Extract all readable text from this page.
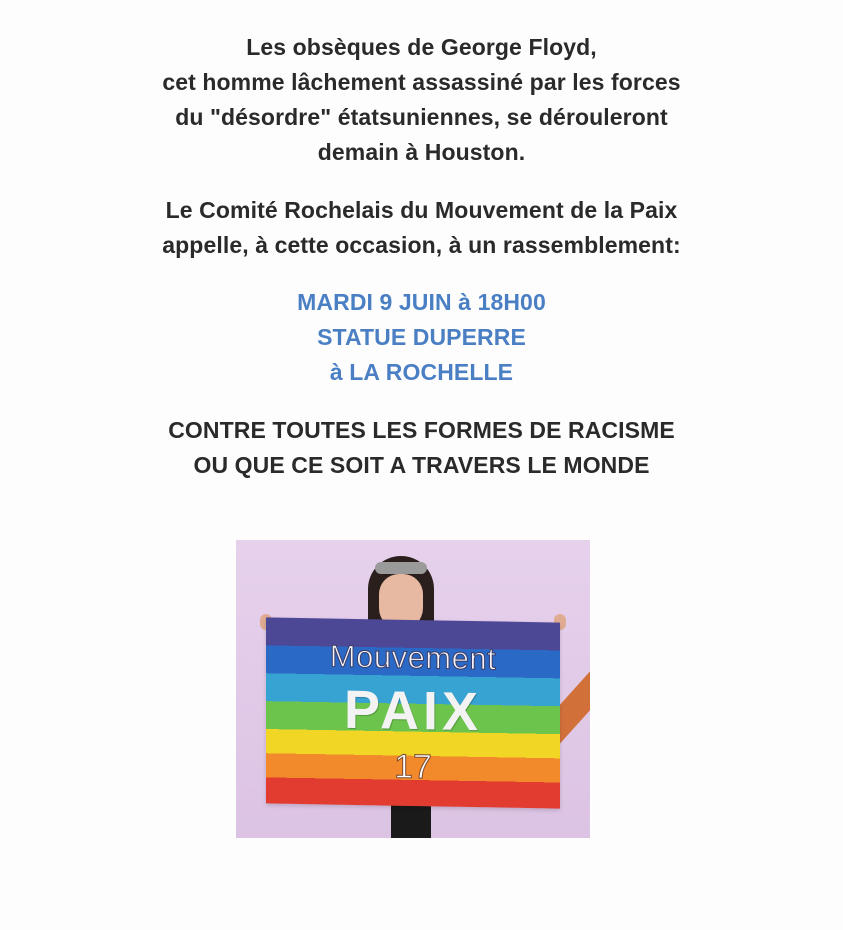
Les obsèques de George Floyd,
cet homme lâchement assassiné par les forces
du "désordre" étatsuniennes, se dérouleront
demain à Houston.
Le Comité Rochelais du Mouvement de la Paix
appelle, à cette occasion, à un rassemblement:
MARDI 9 JUIN à 18H00
STATUE DUPERRE
à LA ROCHELLE
CONTRE TOUTES LES FORMES DE RACISME
OU QUE CE SOIT A TRAVERS LE MONDE
Mouvement
PAIX
17
